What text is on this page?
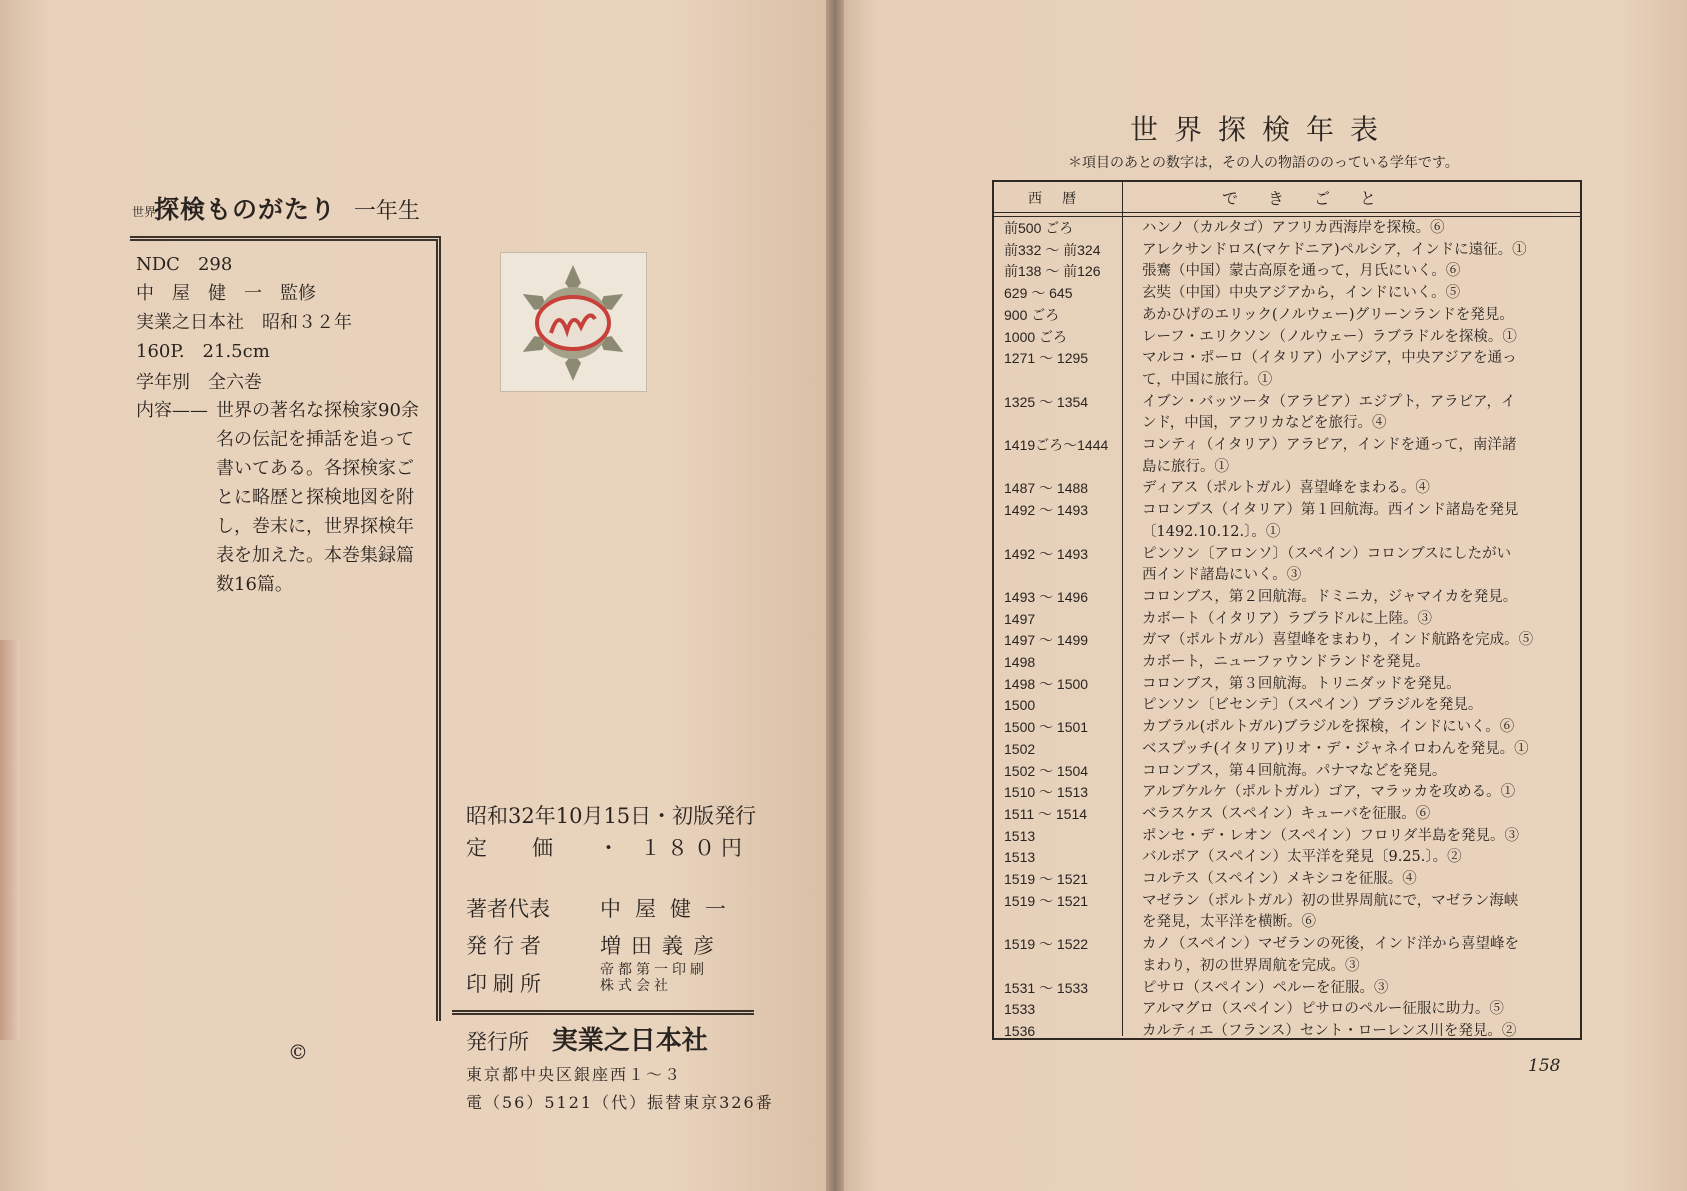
世界 探検ものがたり 一年生
NDC　298
中　屋　健　一　監修
実業之日本社　昭和３２年
160P.　21.5cm
学年別　全六巻
内容—— 世界の著名な探検家90余名の伝記を挿話を追って書いてある。各探検家ごとに略歴と探検地図を附し，巻末に，世界探検年表を加えた。本巻集録篇数16篇。
昭和32年10月15日・初版発行
定　価　・ １８０円
著者代表 中屋健一
発行者	増田義彦
印刷所
帝都第一印刷
株式会社
発行所 実業之日本社
東京都中央区銀座西１～３
電（56）5121（代）振替東京326番
©
世界探検年表
＊項目のあとの数字は，その人の物語ののっている学年です。
西暦	できごと
前500 ごろ	ハンノ（カルタゴ）アフリカ西海岸を探検。⑥
前332 ～ 前324	アレクサンドロス(マケドニア)ペルシア，インドに遠征。①
前138 ～ 前126	張騫（中国）蒙古高原を通って，月氏にいく。⑥
629 ～ 645	玄奘（中国）中央アジアから，インドにいく。⑤
900 ごろ	あかひげのエリック(ノルウェー)グリーンランドを発見。
1000 ごろ	レーフ・エリクソン（ノルウェー）ラブラドルを探検。①
1271 ～ 1295	マルコ・ポーロ（イタリア）小アジア，中央アジアを通っ
て，中国に旅行。①
1325 ～ 1354	イブン・バッツータ（アラビア）エジプト，アラビア，イ
ンド，中国，アフリカなどを旅行。④
1419ごろ～1444 コンティ（イタリア）アラビア，インドを通って，南洋諸
島に旅行。①
1487 ～ 1488	ディアス（ポルトガル）喜望峰をまわる。④
1492 ～ 1493	コロンブス（イタリア）第１回航海。西インド諸島を発見
〔1492.10.12.〕。①
1492 ～ 1493	ピンソン〔アロンソ〕（スペイン）コロンブスにしたがい
西インド諸島にいく。③
1493 ～ 1496	コロンブス，第２回航海。ドミニカ，ジャマイカを発見。
1497	カボート（イタリア）ラブラドルに上陸。③
1497 ～ 1499	ガマ（ポルトガル）喜望峰をまわり，インド航路を完成。⑤
1498	カボート，ニューファウンドランドを発見。
1498 ～ 1500	コロンブス，第３回航海。トリニダッドを発見。
1500	ピンソン〔ビセンテ〕（スペイン）ブラジルを発見。
1500 ～ 1501	カブラル(ポルトガル)ブラジルを探検，インドにいく。⑥
1502	ベスプッチ(イタリア)リオ・デ・ジャネイロわんを発見。①
1502 ～ 1504	コロンブス，第４回航海。パナマなどを発見。
1510 ～ 1513	アルブケルケ（ポルトガル）ゴア，マラッカを攻める。①
1511 ～ 1514	ベラスケス（スペイン）キューバを征服。⑥
1513	ポンセ・デ・レオン（スペイン）フロリダ半島を発見。③
1513	バルボア（スペイン）太平洋を発見〔9.25.〕。②
1519 ～ 1521	コルテス（スペイン）メキシコを征服。④
1519 ～ 1521	マゼラン（ポルトガル）初の世界周航にで，マゼラン海峡
を発見，太平洋を横断。⑥
1519 ～ 1522	カノ（スペイン）マゼランの死後，インド洋から喜望峰を
まわり，初の世界周航を完成。③
1531 ～ 1533	ピサロ（スペイン）ペルーを征服。③
1533	アルマグロ（スペイン）ピサロのペルー征服に助力。⑤
1536	カルティエ（フランス）セント・ローレンス川を発見。②
158
